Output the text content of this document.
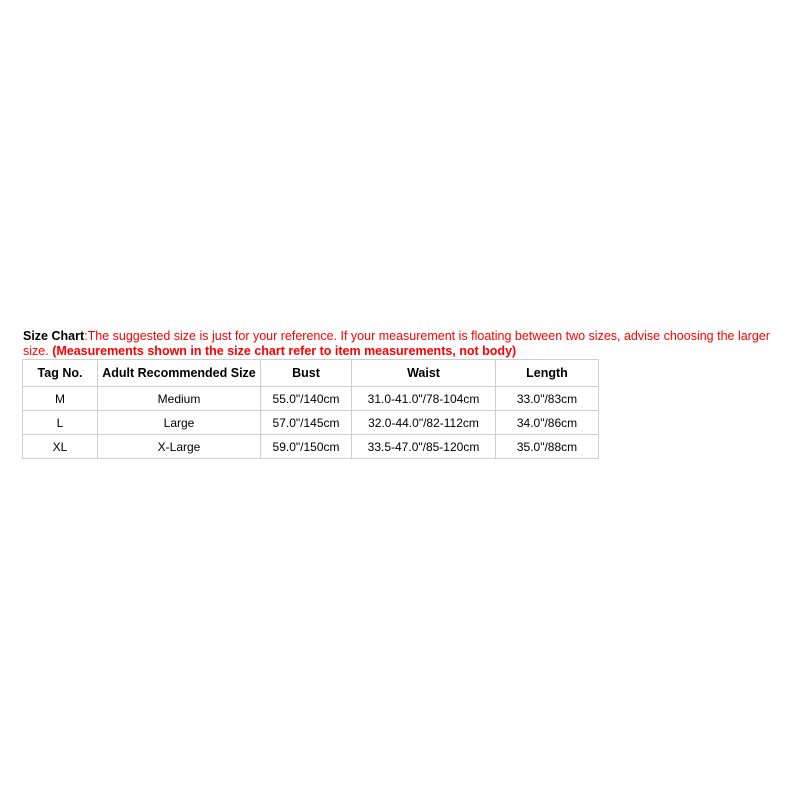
Size Chart:The suggested size is just for your reference. If your measurement is floating between two sizes, advise choosing the larger size. (Measurements shown in the size chart refer to item measurements, not body)
Tag No.	Adult Recommended Size	Bust	Waist	Length
M	Medium	55.0"/140cm	31.0-41.0"/78-104cm	33.0"/83cm
L	Large	57.0"/145cm	32.0-44.0"/82-112cm	34.0"/86cm
XL	X-Large	59.0"/150cm	33.5-47.0"/85-120cm	35.0"/88cm
